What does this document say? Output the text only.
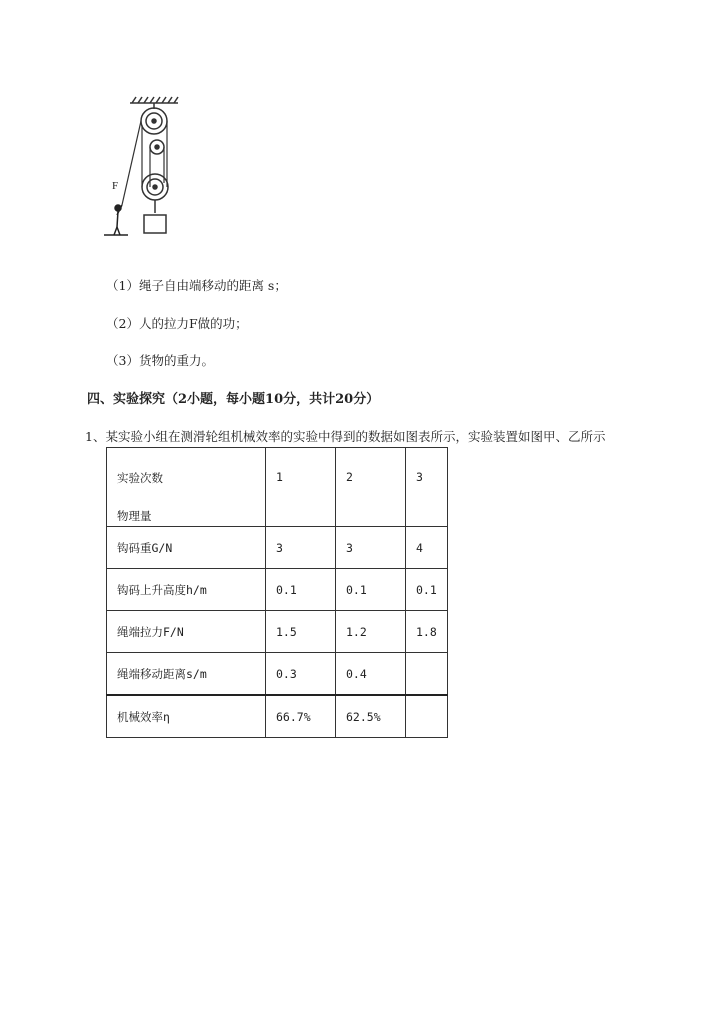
F
（1）绳子自由端移动的距离 s；
（2）人的拉力F做的功；
（3）货物的重力。
四、实验探究（2小题，每小题10分，共计20分）
1、某实验小组在测滑轮组机械效率的实验中得到的数据如图表所示，实验装置如图甲、乙所示
实验次数
物理量	1	2	3
钩码重G/N	3	3	4
钩码上升高度h/m	0.1	0.1	0.1
绳端拉力F/N	1.5	1.2	1.8
绳端移动距离s/m	0.3	0.4	
机械效率η	66.7%	62.5%	
